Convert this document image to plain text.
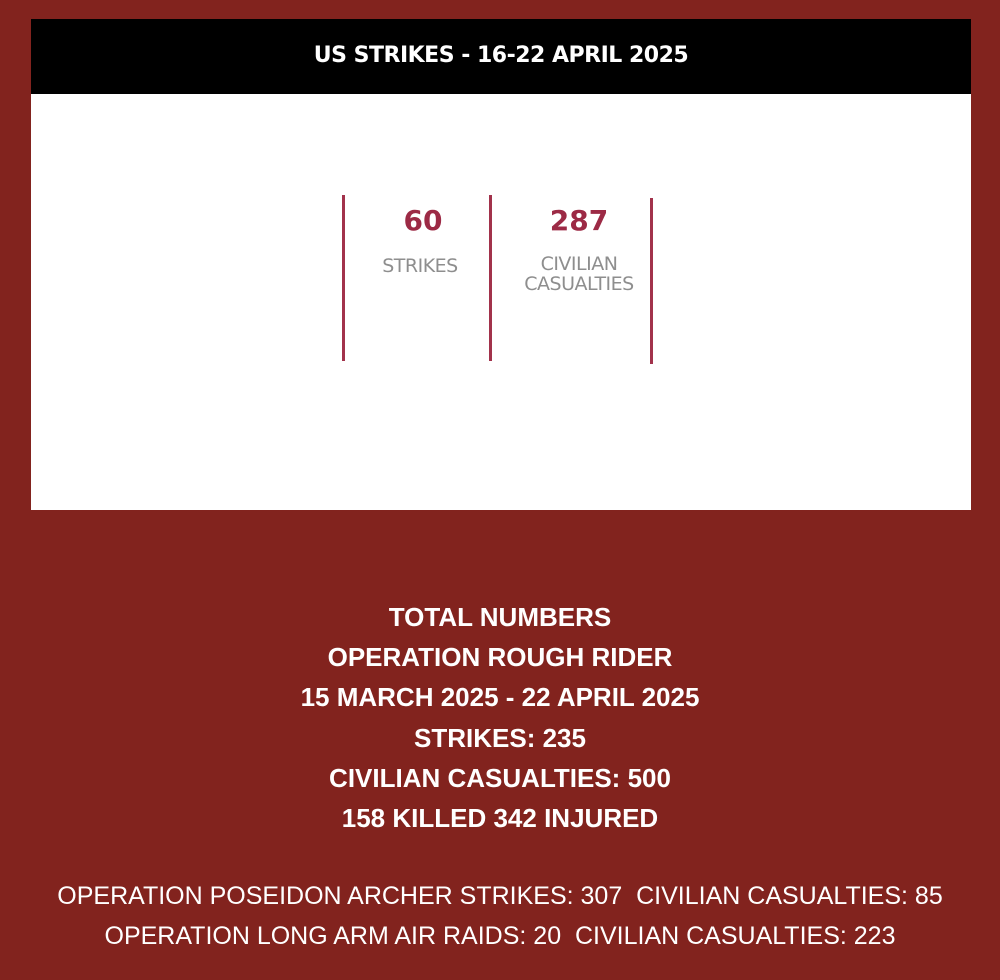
US STRIKES - 16-22 APRIL 2025
60
STRIKES
287
CIVILIAN
CASUALTIES
TOTAL NUMBERS
OPERATION ROUGH RIDER
15 MARCH 2025 - 22 APRIL 2025
STRIKES: 235
CIVILIAN CASUALTIES: 500
158 KILLED 342 INJURED
OPERATION POSEIDON ARCHER STRIKES: 307  CIVILIAN CASUALTIES: 85
OPERATION LONG ARM AIR RAIDS: 20  CIVILIAN CASUALTIES: 223
